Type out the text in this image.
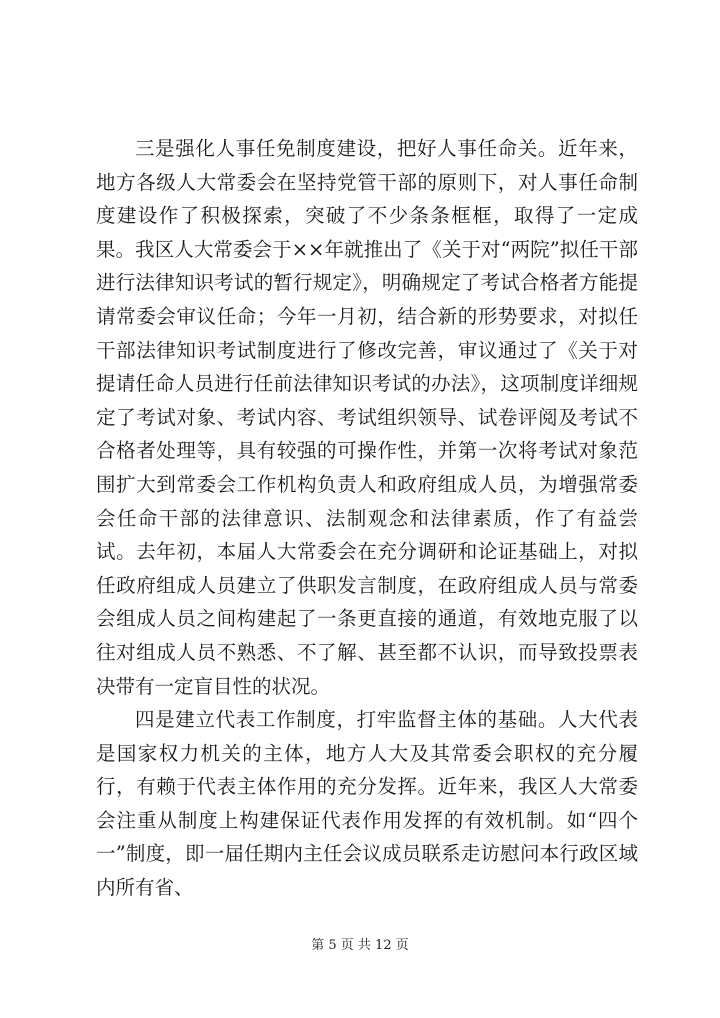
三是强化人事任免制度建设，把好人事任命关。近年来，地方各级人大常委会在坚持党管干部的原则下，对人事任命制度建设作了积极探索，突破了不少条条框框，取得了一定成果。我区人大常委会于××年就推出了《关于对“两院”拟任干部进行法律知识考试的暂行规定》，明确规定了考试合格者方能提请常委会审议任命；今年一月初，结合新的形势要求，对拟任干部法律知识考试制度进行了修改完善，审议通过了《关于对提请任命人员进行任前法律知识考试的办法》，这项制度详细规定了考试对象、考试内容、考试组织领导、试卷评阅及考试不合格者处理等，具有较强的可操作性，并第一次将考试对象范围扩大到常委会工作机构负责人和政府组成人员，为增强常委会任命干部的法律意识、法制观念和法律素质，作了有益尝试。去年初，本届人大常委会在充分调研和论证基础上，对拟任政府组成人员建立了供职发言制度，在政府组成人员与常委会组成人员之间构建起了一条更直接的通道，有效地克服了以往对组成人员不熟悉、不了解、甚至都不认识，而导致投票表决带有一定盲目性的状况。

四是建立代表工作制度，打牢监督主体的基础。人大代表是国家权力机关的主体，地方人大及其常委会职权的充分履行，有赖于代表主体作用的充分发挥。近年来，我区人大常委会注重从制度上构建保证代表作用发挥的有效机制。如“四个一”制度，即一届任期内主任会议成员联系走访慰问本行政区域内所有省、

第 5 页 共 12 页
